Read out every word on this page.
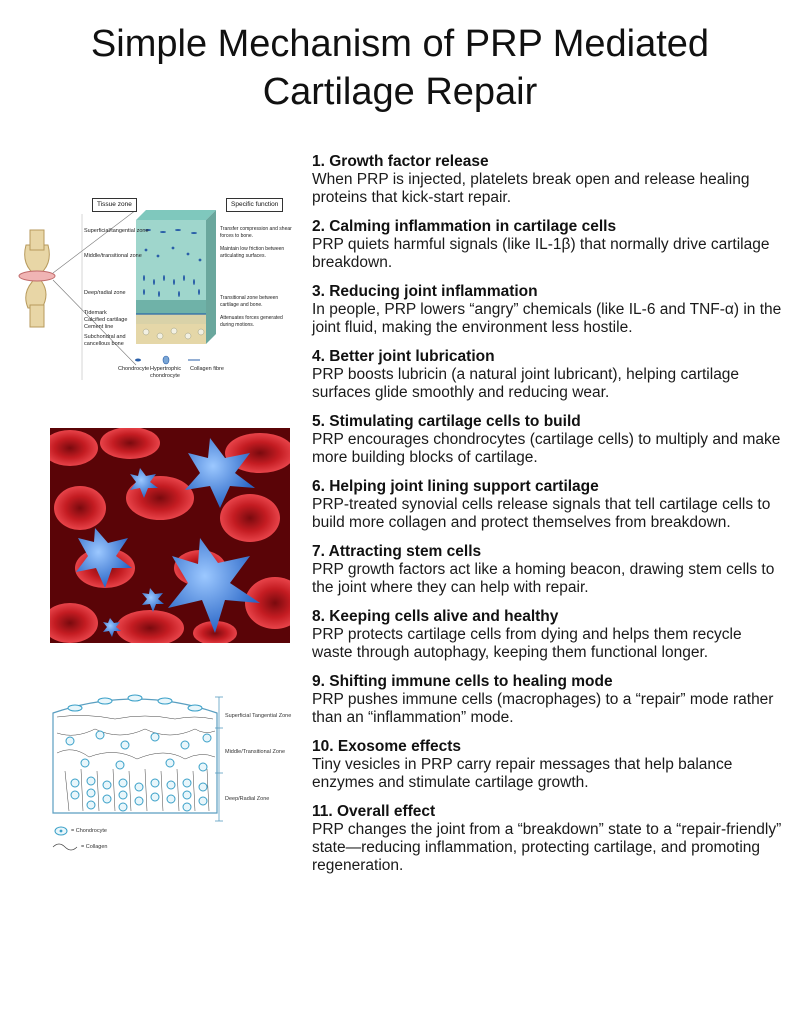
Simple Mechanism of PRP Mediated
Cartilage Repair
Tissue zone	Specific function
Superficial/tangential zone
Middle/transitional zone
Deep/radial zone
Tidemark
Calcified cartilage
Cement line
Subchondral and cancellous bone
Transfer compression and shear forces to bone.
Maintain low friction between articulating surfaces.
Transitional zone between cartilage and bone.
Attenuates forces generated during motions.
Chondrocyte Hypertrophic chondrocyte
Collagen fibre
Superficial Tangential Zone
Middle/Transitional Zone
Deep/Radial Zone
= Chondrocyte
= Collagen
1. Growth factor release

When PRP is injected, platelets break open and release healing proteins that kick-start repair.

2. Calming inflammation in cartilage cells

PRP quiets harmful signals (like IL-1β) that normally drive cartilage breakdown.

3. Reducing joint inflammation

In people, PRP lowers “angry” chemicals (like IL-6 and TNF-α) in the joint fluid, making the environment less hostile.

4. Better joint lubrication

PRP boosts lubricin (a natural joint lubricant), helping cartilage surfaces glide smoothly and reducing wear.

5. Stimulating cartilage cells to build

PRP encourages chondrocytes (cartilage cells) to multiply and make more building blocks of cartilage.

6. Helping joint lining support cartilage

PRP-treated synovial cells release signals that tell cartilage cells to build more collagen and protect themselves from breakdown.

7. Attracting stem cells

PRP growth factors act like a homing beacon, drawing stem cells to the joint where they can help with repair.

8. Keeping cells alive and healthy

PRP protects cartilage cells from dying and helps them recycle waste through autophagy, keeping them functional longer.

9. Shifting immune cells to healing mode

PRP pushes immune cells (macrophages) to a “repair” mode rather than an “inflammation” mode.

10. Exosome effects

Tiny vesicles in PRP carry repair messages that help balance enzymes and stimulate cartilage growth.

11. Overall effect

PRP changes the joint from a “breakdown” state to a “repair-friendly” state—reducing inflammation, protecting cartilage, and promoting regeneration.
